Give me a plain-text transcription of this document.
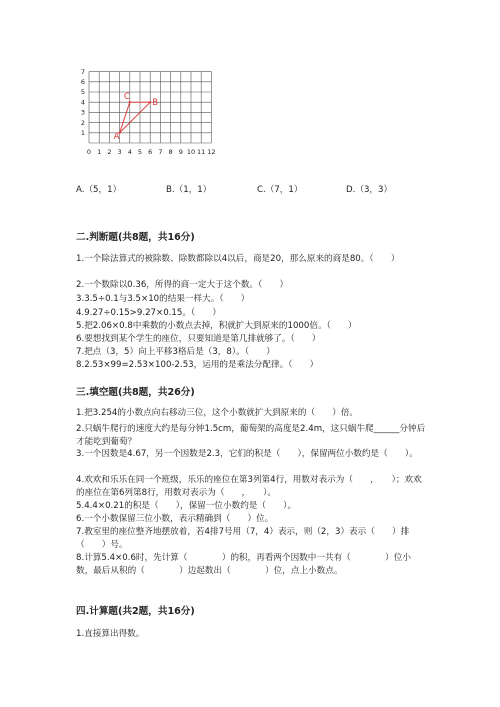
0 1 2 3 4 5 6 7 8 9 10 11 12
7
6
5
4
3
2
1	A
B
C
A.（5，1）	B.（1，1）	C.（7，1）	D.（3，3）
二.判断题(共8题，共16分)
1.一个除法算式的被除数、除数都除以4以后，商是20，那么原来的商是80。（　　）
2.一个数除以0.36，所得的商一定大于这个数。（　　）
3.3.5÷0.1与3.5×10的结果一样大。（　　）
4.9.27÷0.15>9.27×0.15。（　　）
5.把2.06×0.8中乘数的小数点去掉，积就扩大到原来的1000倍。（　　）
6.要想找到某个学生的座位，只要知道是第几排就够了。（　　）
7.把点（3，5）向上平移3格后是（3，8）。（　　）
8.2.53×99=2.53×100-2.53，运用的是乘法分配律。（　　）
三.填空题(共8题，共26分)
1.把3.254的小数点向右移动三位，这个小数就扩大到原来的（　　）倍。
2.只蜗牛爬行的速度大约是每分钟1.5cm，葡萄架的高度是2.4m，这只蜗牛爬______分钟后才能吃到葡萄？
3.一个因数是4.67，另一个因数是2.3，它们的积是（　　），保留两位小数约是（　　）。
4.欢欢和乐乐在同一个班级，乐乐的座位在第3列第4行，用数对表示为（　　，　　）；欢欢的座位在第6列第8行，用数对表示为（　　，　　）。
5.4.4×0.21的积是（　　），保留一位小数约是（　　）。
6.一个小数保留三位小数，表示精确到（　　）位。
7.教室里的座位整齐地摆放着，若4排7号用（7，4）表示，则（2，3）表示（　　）排（　　）号。
8.计算5.4×0.6时，先计算（　　　　）的积，再看两个因数中一共有（　　　　）位小数，最后从积的（　　　　）边起数出（　　　　）位，点上小数点。
四.计算题(共2题，共16分)
1.直接算出得数。
